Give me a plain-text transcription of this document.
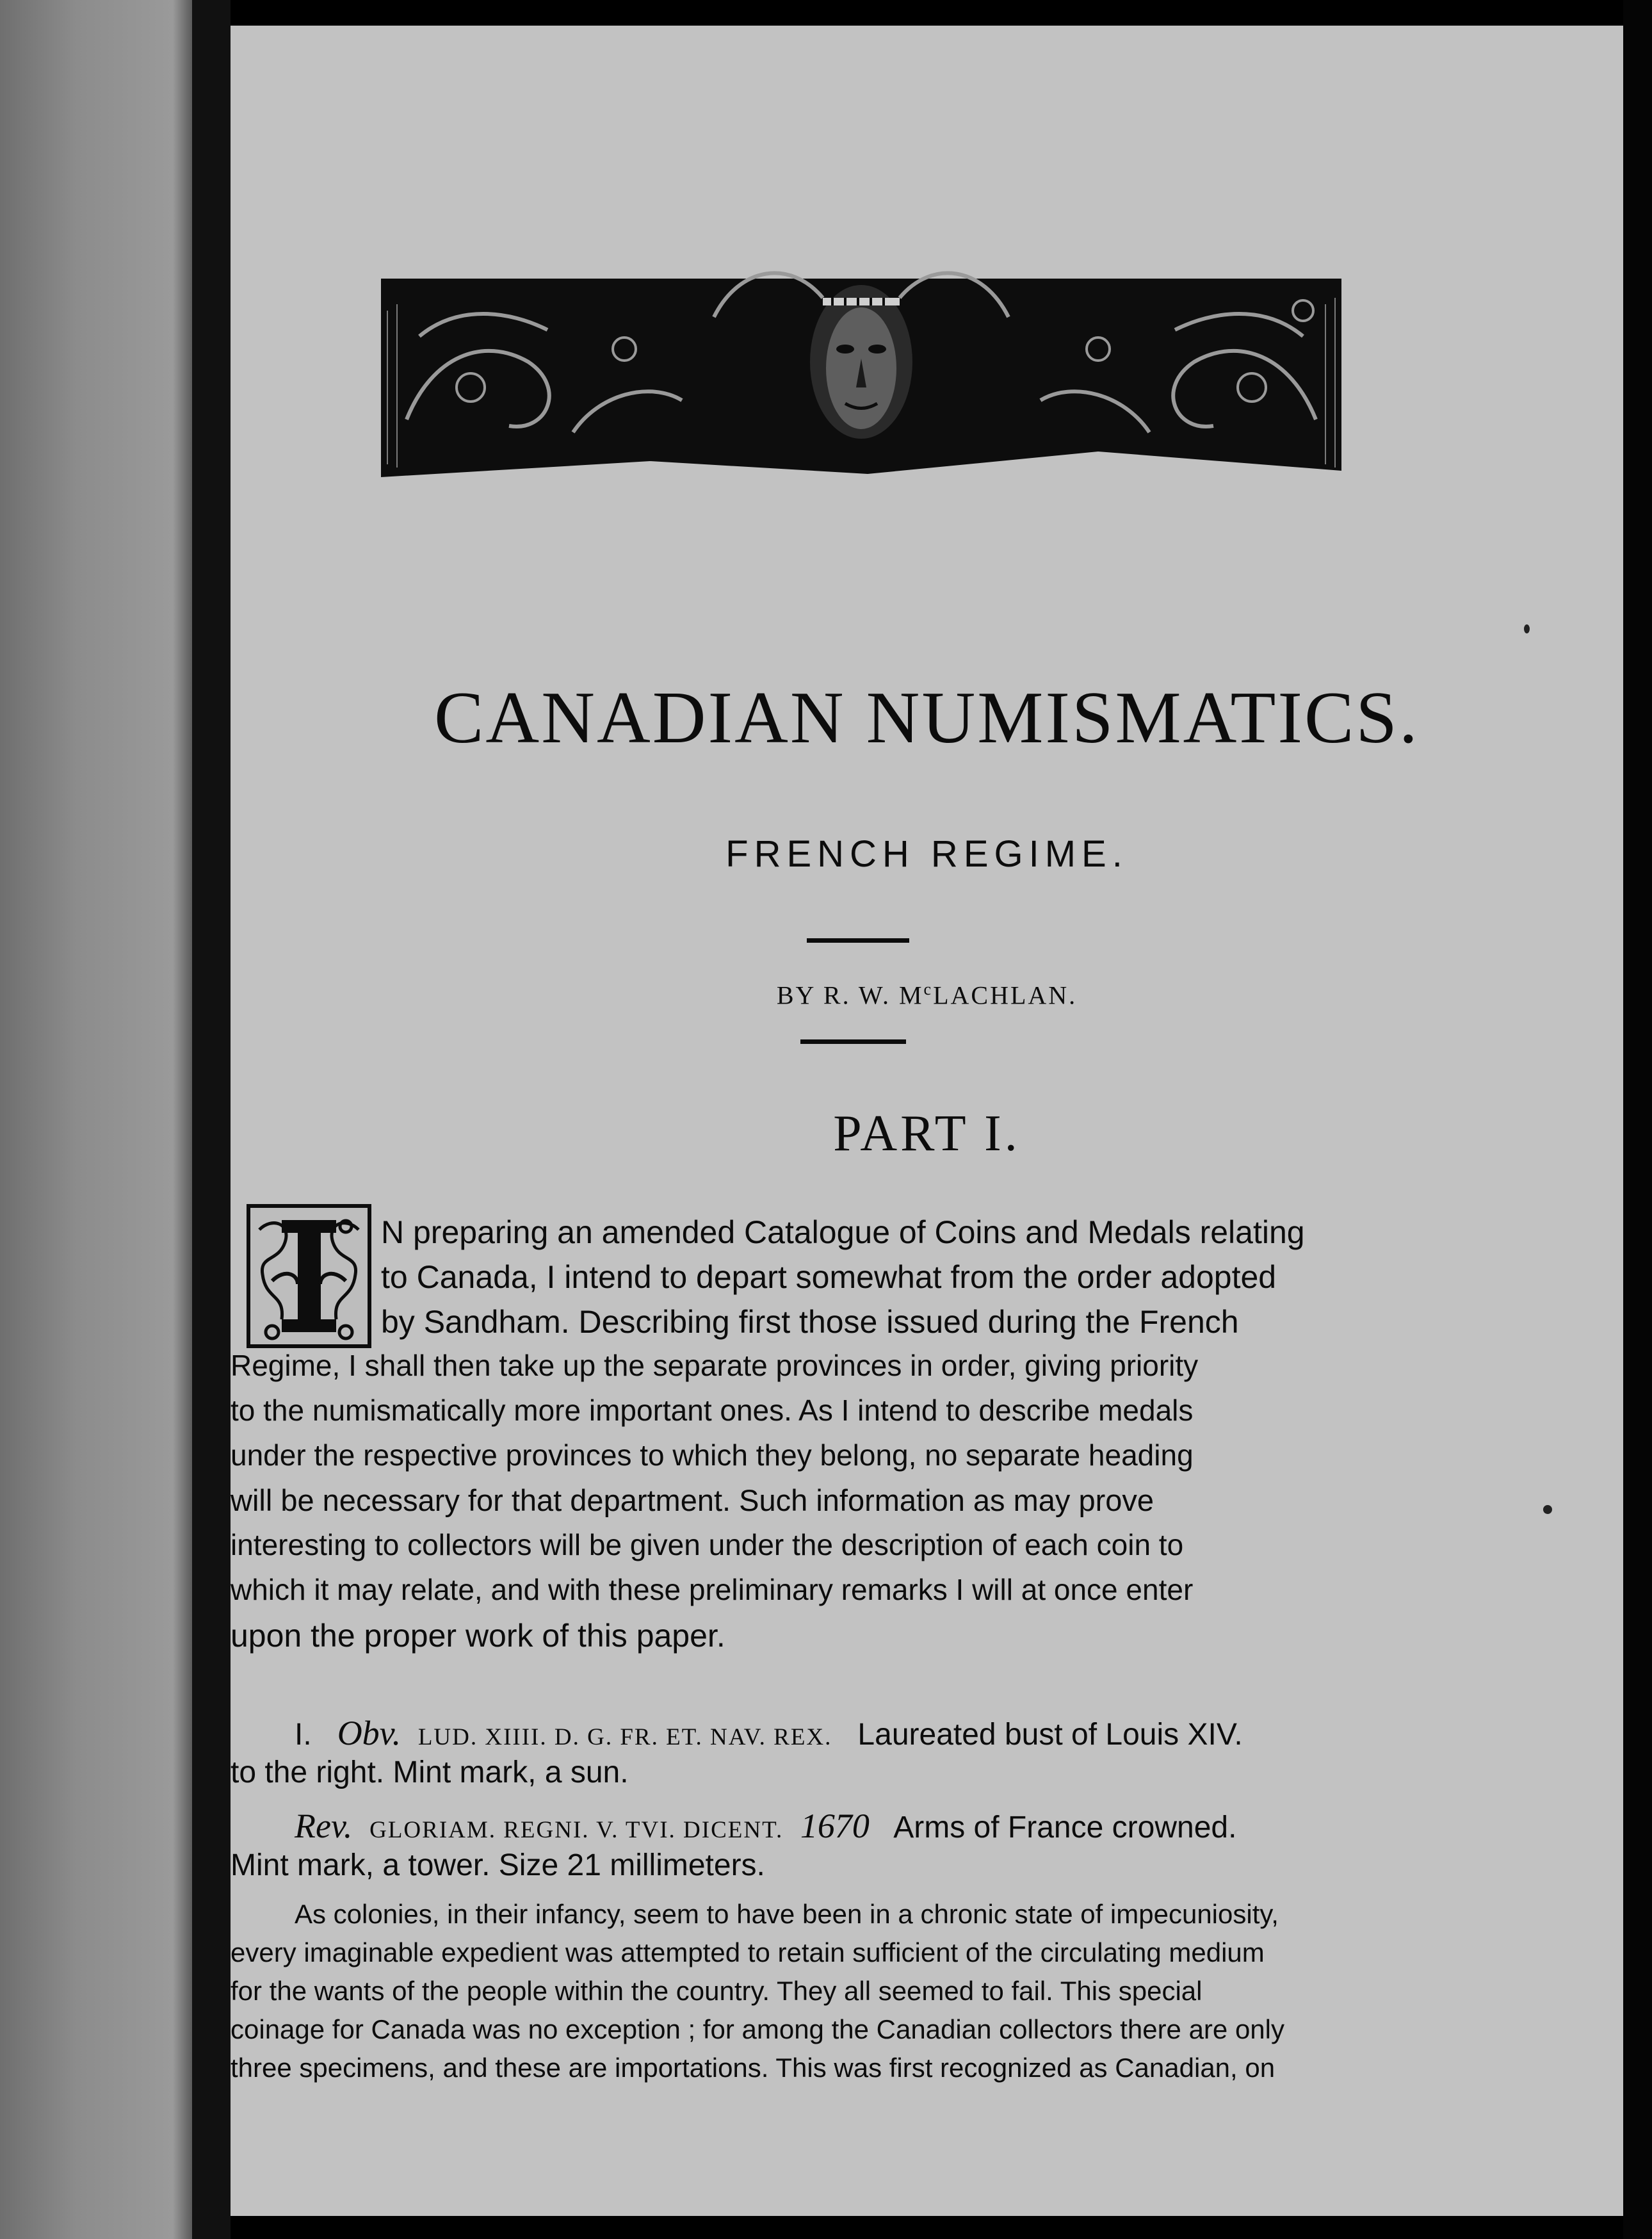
CANADIAN NUMISMATICS.
FRENCH REGIME.
BY R. W. $M^cLACHLAN$.
PART I.
N preparing an amended Catalogue of Coins and Medals relating
to Canada, I intend to depart somewhat from the order adopted
by Sandham. Describing first those issued during the French
Regime, I shall then take up the separate provinces in order, giving priority
to the numismatically more important ones. As I intend to describe medals
under the respective provinces to which they belong, no separate heading
will be necessary for that department. Such information as may prove
interesting to collectors will be given under the description of each coin to
which it may relate, and with these preliminary remarks I will at once enter
upon the proper work of this paper.
I. Obv. LUD. XIIII. D. G. FR. ET. NAV. REX. Laureated bust of Louis XIV.
to the right. Mint mark, a sun.
Rev. GLORIAM. REGNI. V. TVI. DICENT. 1670 Arms of France crowned.
Mint mark, a tower. Size 21 millimeters.
As colonies, in their infancy, seem to have been in a chronic state of impecuniosity,
every imaginable expedient was attempted to retain sufficient of the circulating medium
for the wants of the people within the country. They all seemed to fail. This special
coinage for Canada was no exception ; for among the Canadian collectors there are only
three specimens, and these are importations. This was first recognized as Canadian, on
